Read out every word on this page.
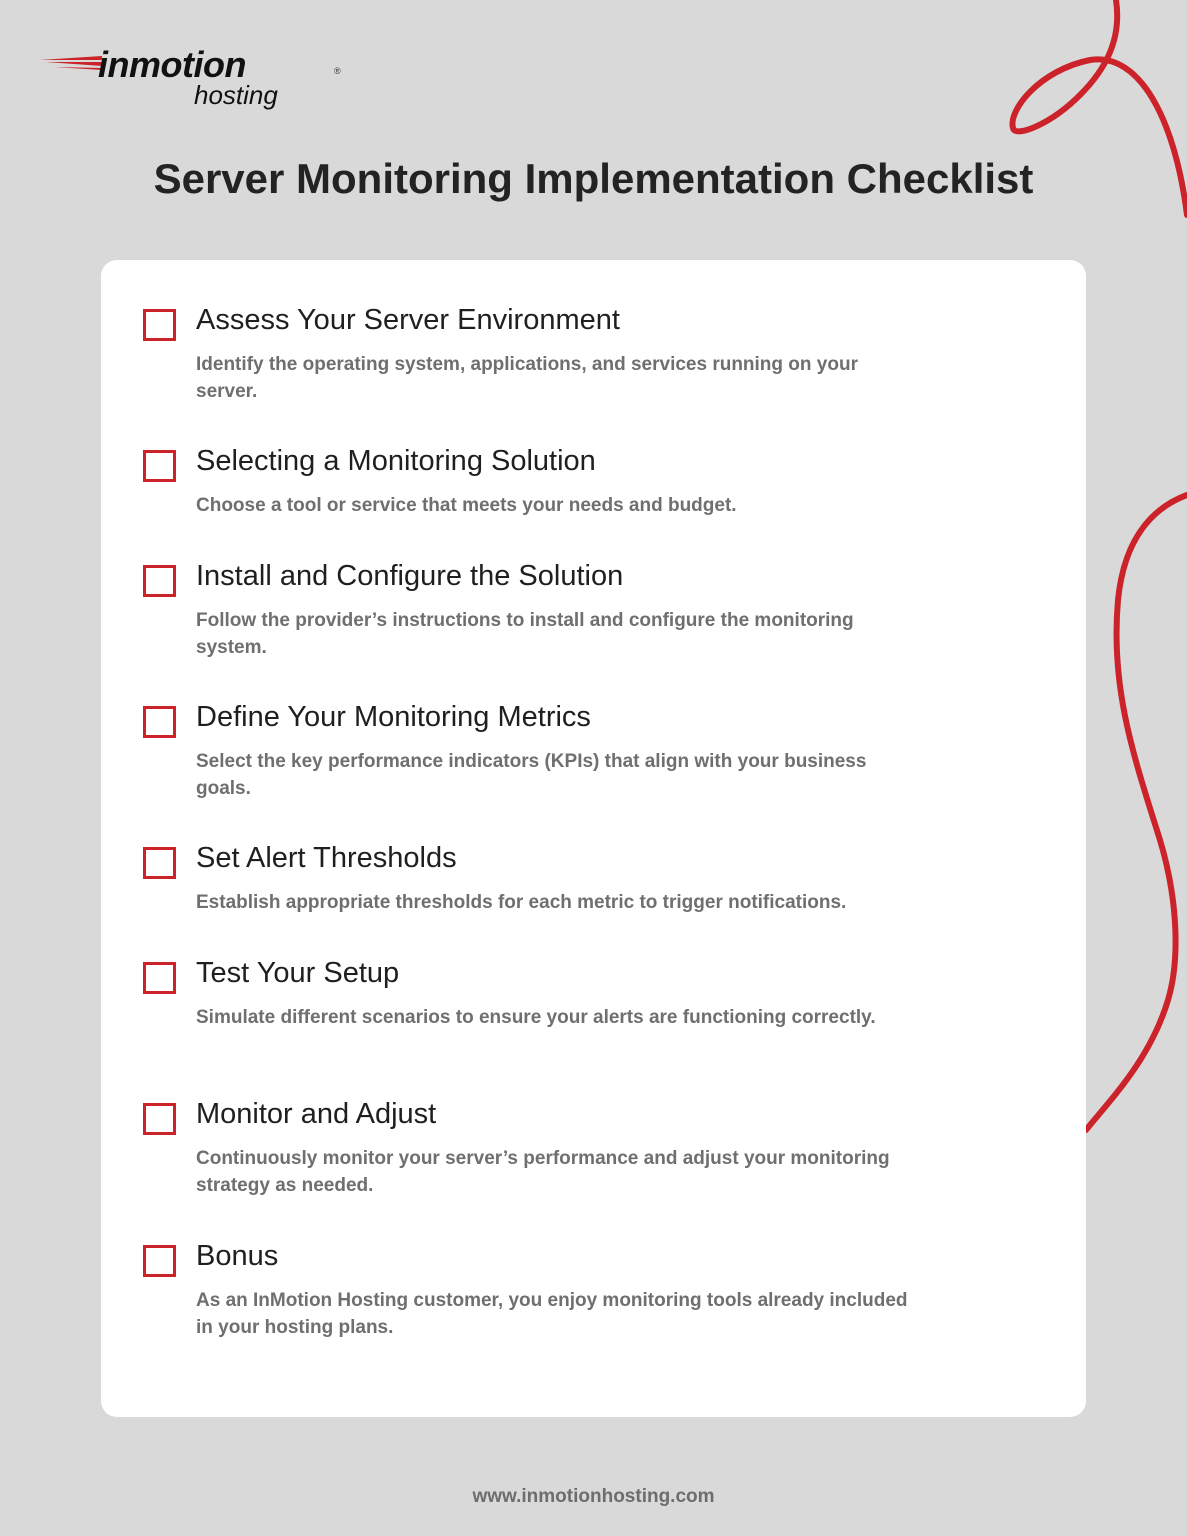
inmotion	®
hosting
Server Monitoring Implementation Checklist
Assess Your Server Environment
Identify the operating system, applications, and services running on your server.
Selecting a Monitoring Solution
Choose a tool or service that meets your needs and budget.
Install and Configure the Solution
Follow the provider’s instructions to install and configure the monitoring system.
Define Your Monitoring Metrics
Select the key performance indicators (KPIs) that align with your business goals.
Set Alert Thresholds
Establish appropriate thresholds for each metric to trigger notifications.
Test Your Setup
Simulate different scenarios to ensure your alerts are functioning correctly.
Monitor and Adjust
Continuously monitor your server’s performance and adjust your monitoring strategy as needed.
Bonus
As an InMotion Hosting customer, you enjoy monitoring tools already included in your hosting plans.
www.inmotionhosting.com
